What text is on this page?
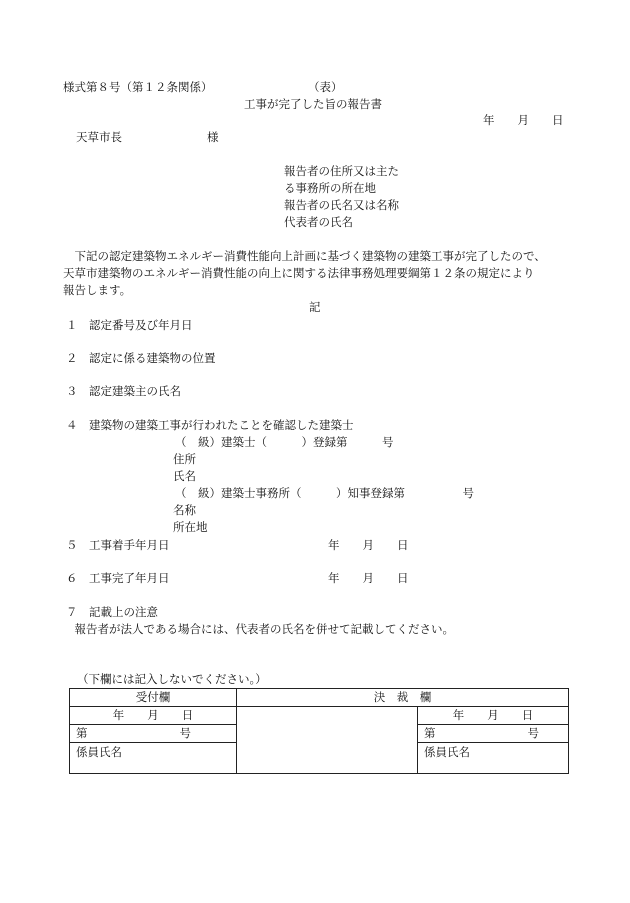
様式第８号（第１２条関係）	（表）
工事が完了した旨の報告書
年　　月　　日
天草市長	様
報告者の住所又は主た
る事務所の所在地
報告者の氏名又は名称
代表者の氏名
　下記の認定建築物エネルギー消費性能向上計画に基づく建築物の建築工事が完了したので、
天草市建築物のエネルギー消費性能の向上に関する法律事務処理要綱第１２条の規定により
報告します。
記
１　認定番号及び年月日
２　認定に係る建築物の位置
３　認定建築主の氏名
４　建築物の建築工事が行われたことを確認した建築士
（　級）建築士（　　　）登録第　　　号
住所
氏名
（　級）建築士事務所（　　　）知事登録第　　　　　号
名称
所在地
５　工事着手年月日	年　　月　　日
６　工事完了年月日	年　　月　　日
７　記載上の注意
　報告者が法人である場合には、代表者の氏名を併せて記載してください。
（下欄には記入しないでください。）
受付欄	決　裁　欄	
年　　月　　日		年　　月　　日
第　　　　　　　　号		第　　　　　　　　号
係員氏名		係員氏名
